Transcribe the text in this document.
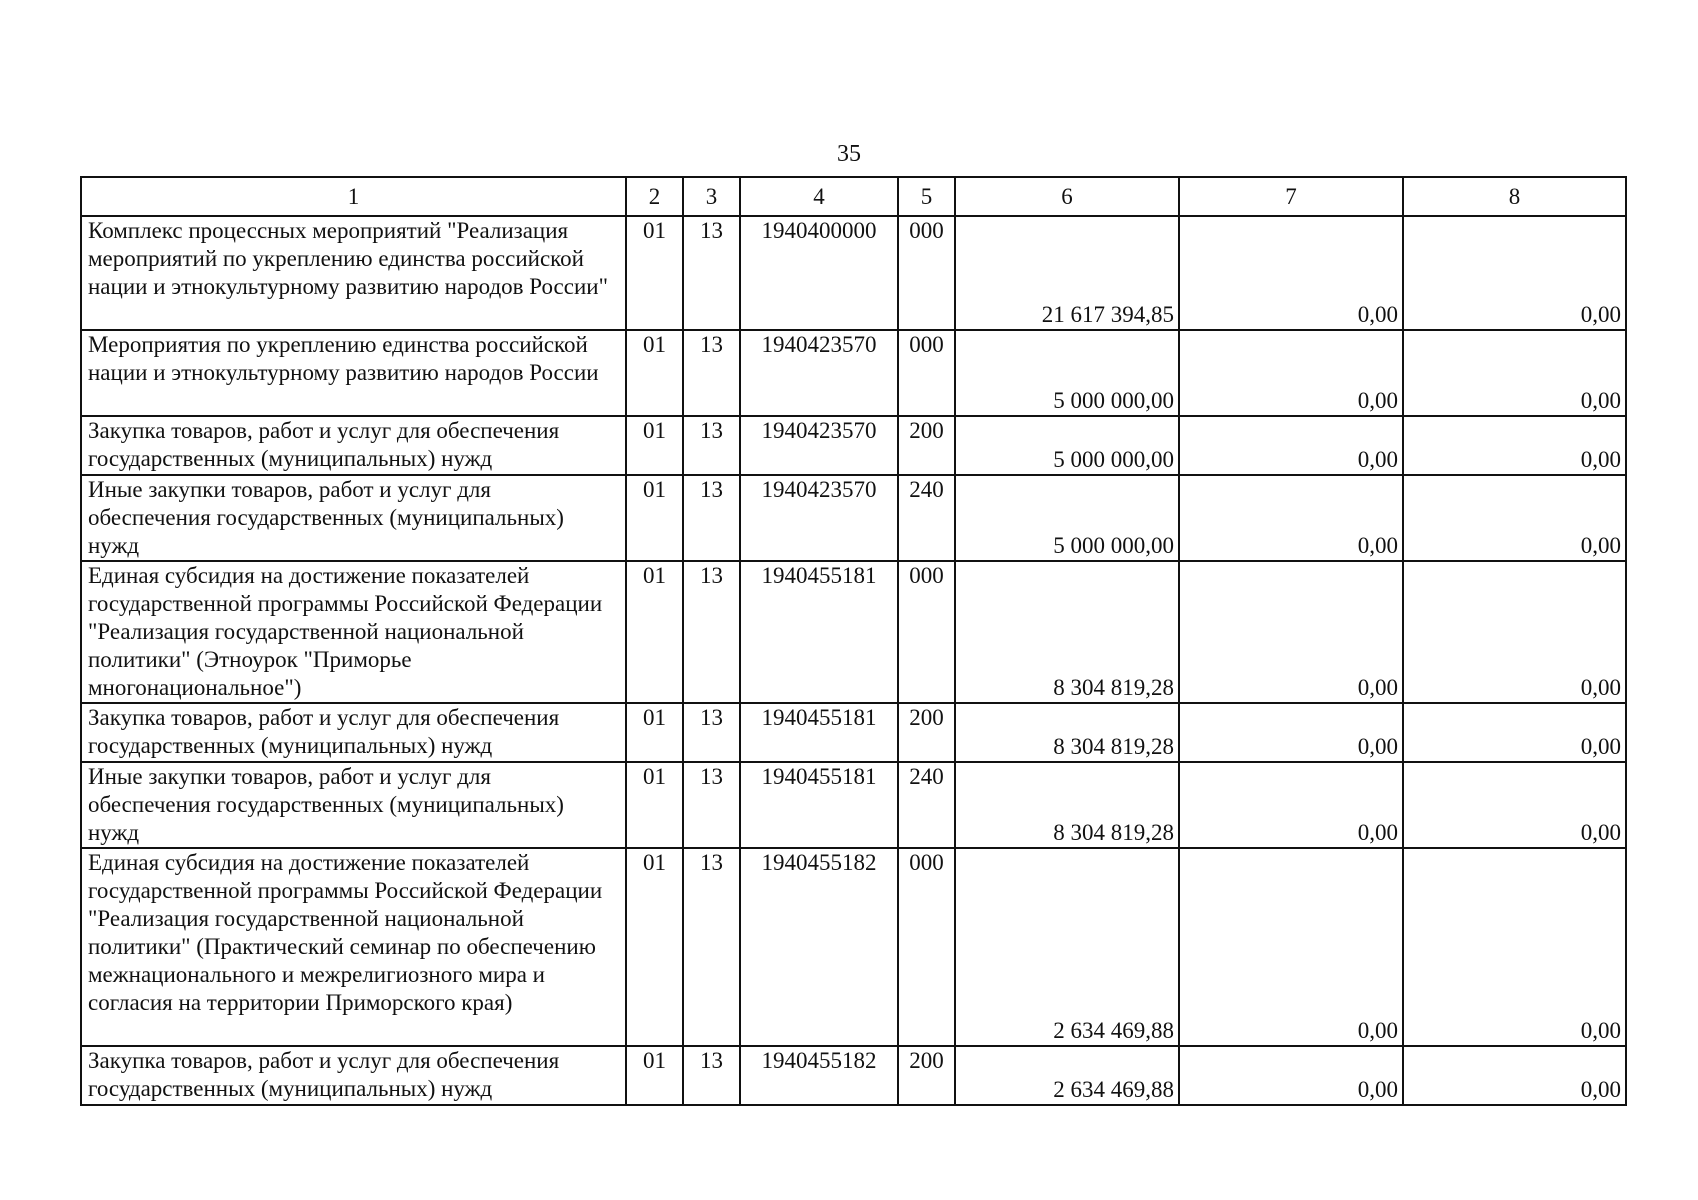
35
1	2	3	4	5	6	7	8
Комплекс процессных мероприятий "Реализация мероприятий по укреплению единства российской нации и этнокультурному развитию народов России"	01	13	1940400000	000	21 617 394,85	0,00	0,00
Мероприятия по укреплению единства российской нации и этнокультурному развитию народов России	01	13	1940423570	000	5 000 000,00	0,00	0,00
Закупка товаров, работ и услуг для обеспечения государственных (муниципальных) нужд	01	13	1940423570	200	5 000 000,00	0,00	0,00
Иные закупки товаров, работ и услуг для обеспечения государственных (муниципальных) нужд	01	13	1940423570	240	5 000 000,00	0,00	0,00
Единая субсидия на достижение показателей государственной программы Российской Федерации "Реализация государственной национальной политики" (Этноурок "Приморье многонациональное")	01	13	1940455181	000	8 304 819,28	0,00	0,00
Закупка товаров, работ и услуг для обеспечения государственных (муниципальных) нужд	01	13	1940455181	200	8 304 819,28	0,00	0,00
Иные закупки товаров, работ и услуг для обеспечения государственных (муниципальных) нужд	01	13	1940455181	240	8 304 819,28	0,00	0,00
Единая субсидия на достижение показателей государственной программы Российской Федерации "Реализация государственной национальной политики" (Практический семинар по обеспечению межнационального и межрелигиозного мира и согласия на территории Приморского края)	01	13	1940455182	000	2 634 469,88	0,00	0,00
Закупка товаров, работ и услуг для обеспечения государственных (муниципальных) нужд	01	13	1940455182	200	2 634 469,88	0,00	0,00
